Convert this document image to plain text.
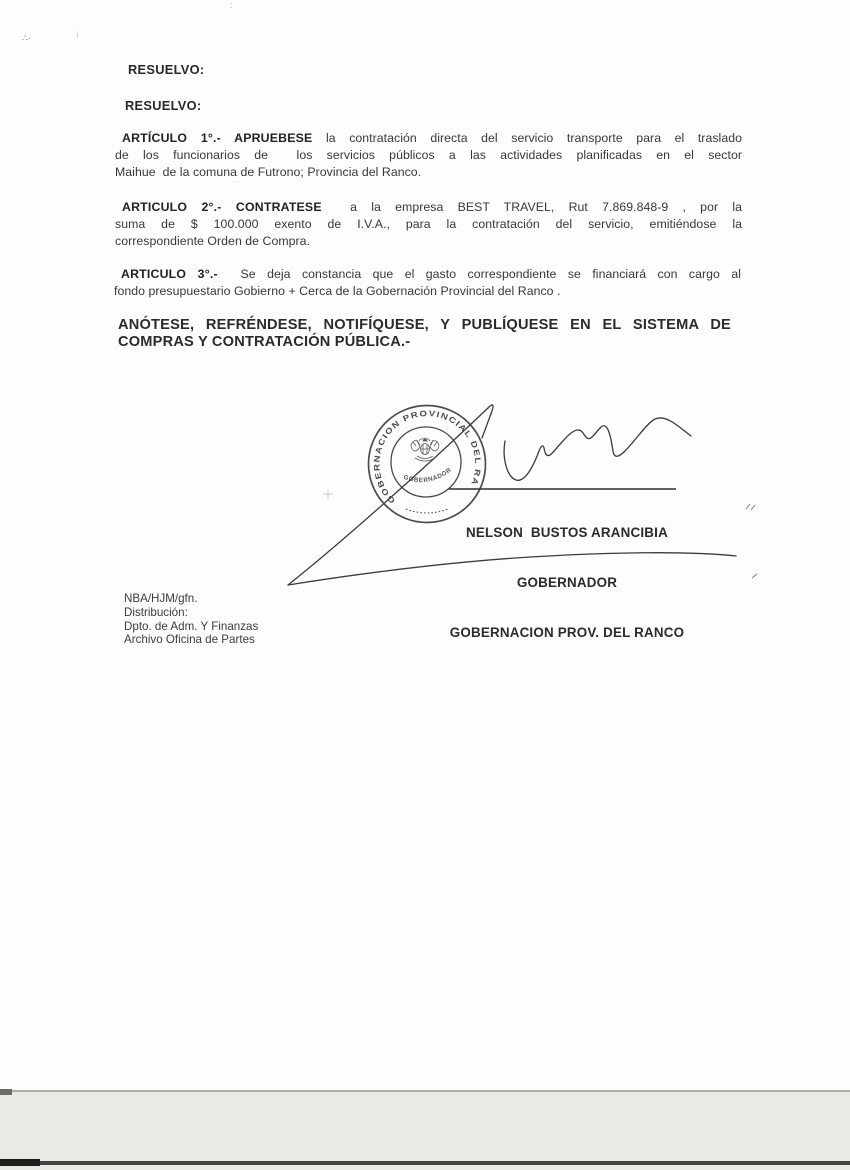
∴·	¡
:
-··
RESUELVO:
RESUELVO:
ARTÍCULO 1°.- APRUEBESE la contratación directa del servicio transporte para el traslado
de los funcionarios de  los servicios públicos a las actividades planificadas en el sector
Maihue  de la comuna de Futrono; Provincia del Ranco.
ARTICULO 2°.- CONTRATESE  a la empresa BEST TRAVEL, Rut 7.869.848-9 , por la
suma de $ 100.000 exento de I.V.A., para la contratación del servicio, emitiéndose la
correspondiente Orden de Compra.
ARTICULO 3°.-  Se deja constancia que el gasto correspondiente se financiará con cargo al
fondo presupuestario Gobierno + Cerca de la Gobernación Provincial del Ranco .
ANÓTESE, REFRÉNDESE, NOTIFÍQUESE, Y PUBLÍQUESE EN EL SISTEMA DE
COMPRAS Y CONTRATACIÓN PÚBLICA.-
GOBERNACION PROVINCIAL DEL RANCO
GOBERNADOR

NELSON  BUSTOS ARANCIBIA

GOBERNADOR

GOBERNACION PROV. DEL RANCO

NBA/HJM/gfn.
Distribución:
Dpto. de Adm. Y Finanzas
Archivo Oficina de Partes
